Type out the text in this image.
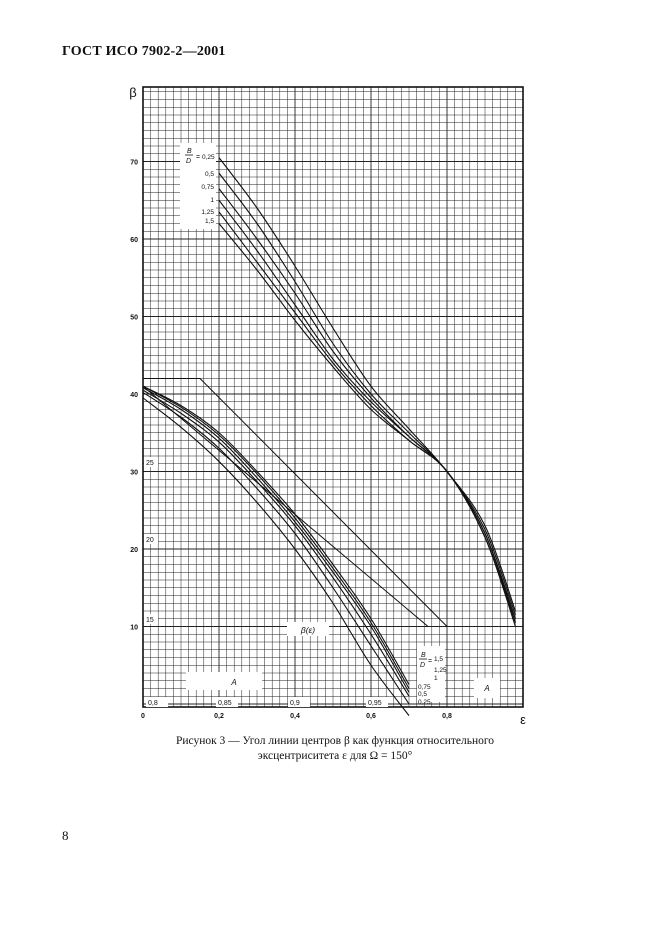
ГОСТ ИСО 7902-2—2001
0	0,2	0,4	0,6	0,8
10
20
30
40
50
60
70
ε
β
B
D
= 0,25
0,5
0,75
1
1,25
1,5
B
D
= 1,5
1,25
1
0,75
0,5
0,25
15
20
25
0,8	0,85	0,9	0,95
A
A
β(ε)
Рисунок 3 — Угол линии центров β как функция относительного
эксцентриситета ε для Ω = 150°
8
